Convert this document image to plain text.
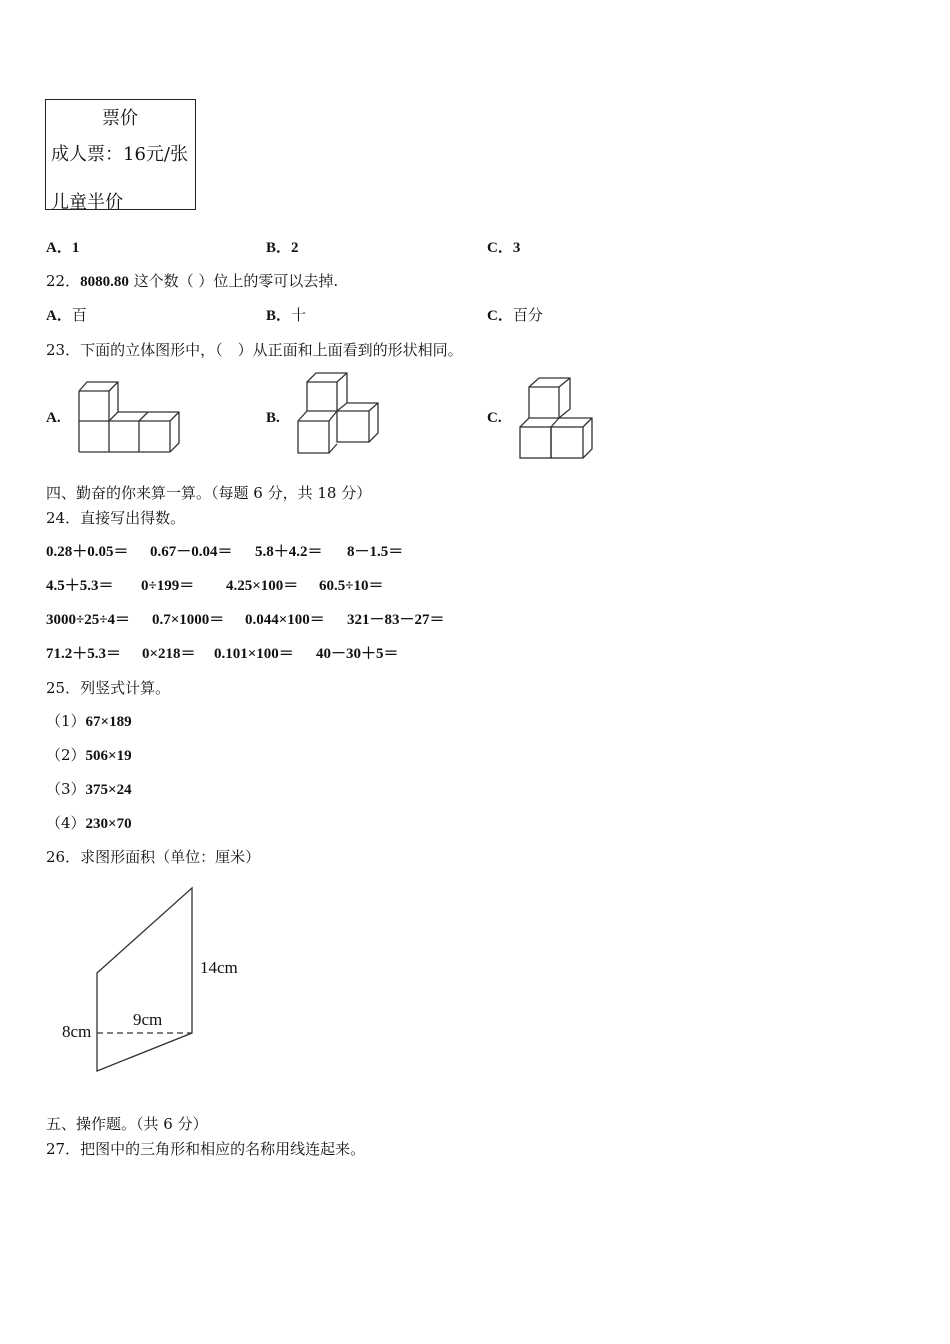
票价
成人票：16元/张
儿童半价
A．1	B．2	C．3
22．8080.80 这个数（ ）位上的零可以去掉.
A．百	B．十	C．百分
23．下面的立体图形中，（　）从正面和上面看到的形状相同。
A.	B.	C.
四、勤奋的你来算一算。（每题 6 分，共 18 分）
24．直接写出得数。
0.28＋0.05＝ 0.67－0.04＝ 5.8＋4.2＝ 8－1.5＝
4.5＋5.3＝ 0÷199＝ 4.25×100＝ 60.5÷10＝
3000÷25÷4＝ 0.7×1000＝ 0.044×100＝ 321－83－27＝
71.2＋5.3＝ 0×218＝ 0.101×100＝ 40－30＋5＝
25．列竖式计算。
（1）67×189
（2）506×19
（3）375×24
（4）230×70
26．求图形面积（单位：厘米）
14cm
8cm
9cm
五、操作题。（共 6 分）
27．把图中的三角形和相应的名称用线连起来。
